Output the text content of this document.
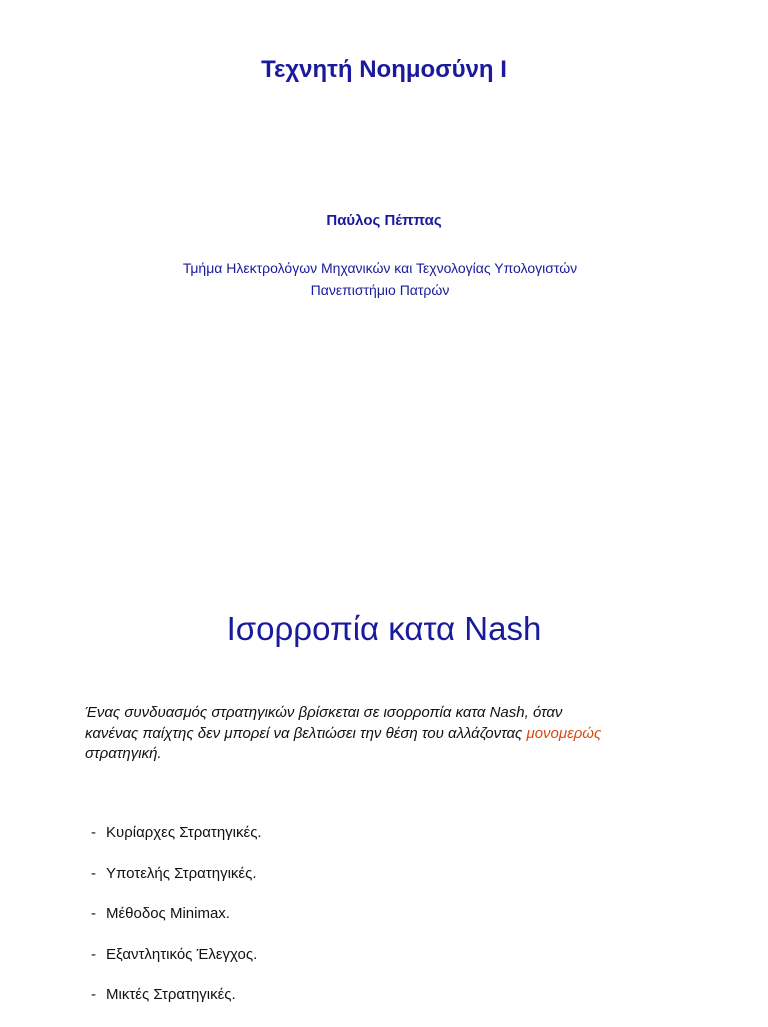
Τεχνητή Νοημοσύνη I
Παύλος Πέππας
Τμήμα Ηλεκτρολόγων Μηχανικών και Τεχνολογίας Υπολογιστών
Πανεπιστήμιο Πατρών
Ισορροπία κατα Nash
Ένας συνδυασμός στρατηγικών βρίσκεται σε ισορροπία κατα Nash, όταν
κανένας παίχτης δεν μπορεί να βελτιώσει την θέση του αλλάζοντας μονομερώς
στρατηγική.
- Κυρίαρχες Στρατηγικές.
- Υποτελής Στρατηγικές.
- Μέθοδος Minimax.
- Εξαντλητικός Έλεγχος.
- Μικτές Στρατηγικές.
